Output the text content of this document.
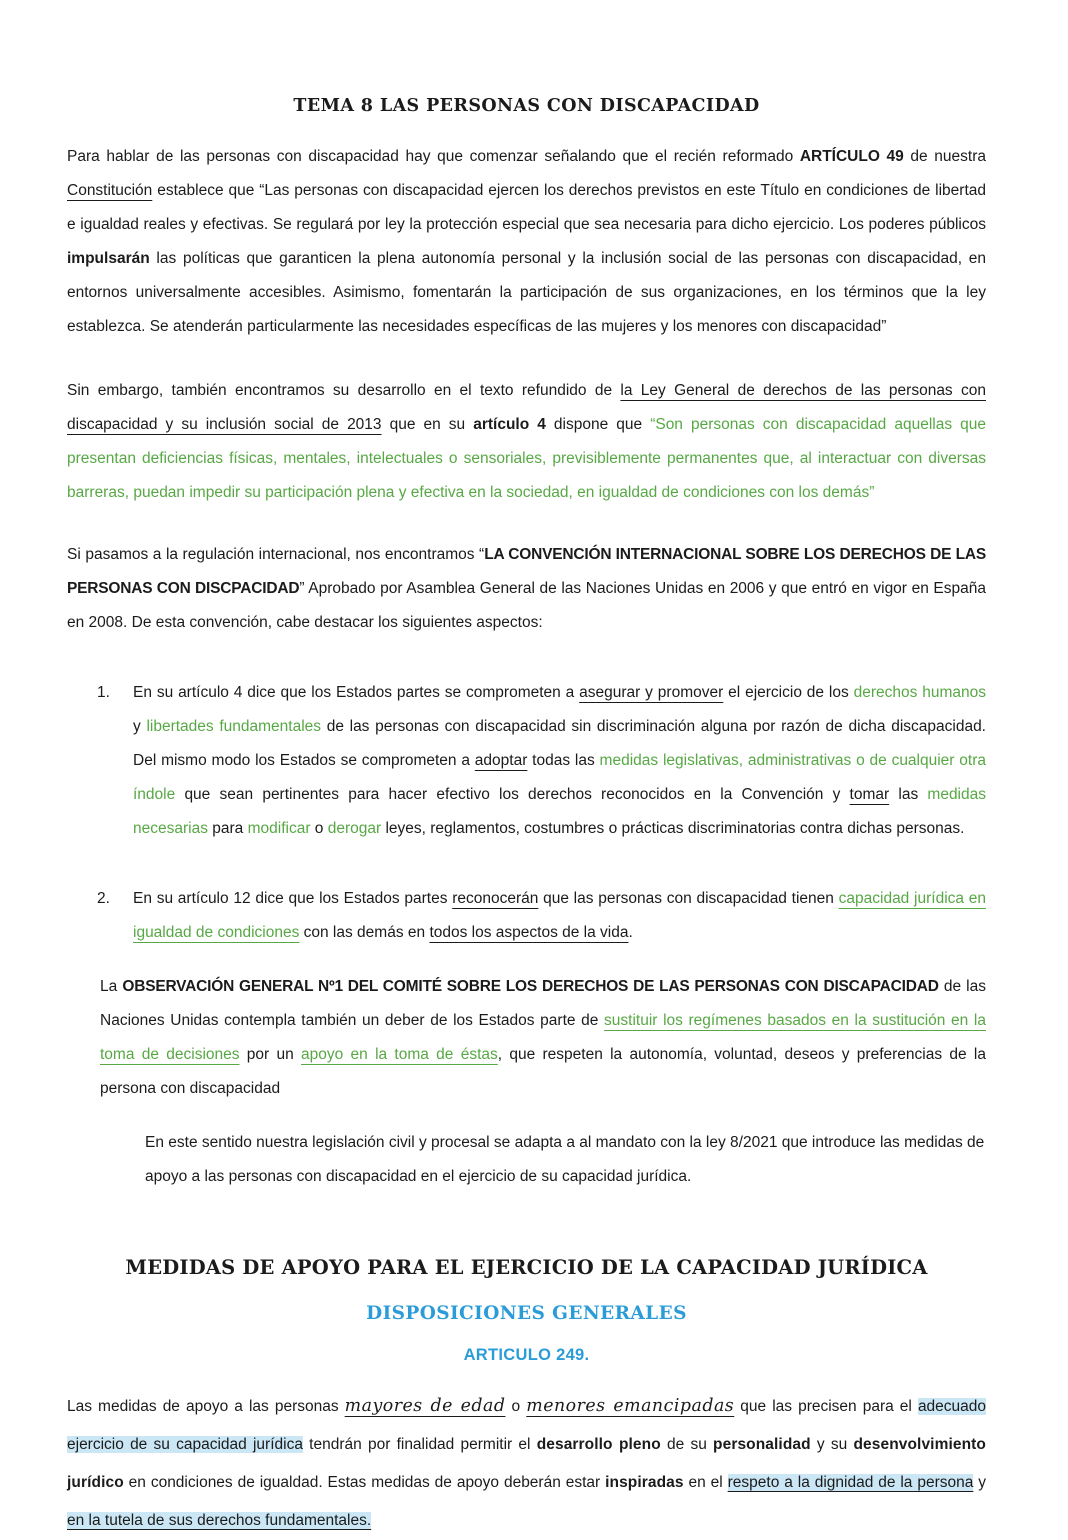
TEMA 8 LAS PERSONAS CON DISCAPACIDAD

Para hablar de las personas con discapacidad hay que comenzar señalando que el recién reformado ARTÍCULO 49 de nuestra Constitución establece que “Las personas con discapacidad ejercen los derechos previstos en este Título en condiciones de libertad e igualdad reales y efectivas. Se regulará por ley la protección especial que sea necesaria para dicho ejercicio. Los poderes públicos impulsarán las políticas que garanticen la plena autonomía personal y la inclusión social de las personas con discapacidad, en entornos universalmente accesibles. Asimismo, fomentarán la participación de sus organizaciones, en los términos que la ley establezca. Se atenderán particularmente las necesidades específicas de las mujeres y los menores con discapacidad”

Sin embargo, también encontramos su desarrollo en el texto refundido de la Ley General de derechos de las personas con discapacidad y su inclusión social de 2013 que en su artículo 4 dispone que “Son personas con discapacidad aquellas que presentan deficiencias físicas, mentales, intelectuales o sensoriales, previsiblemente permanentes que, al interactuar con diversas barreras, puedan impedir su participación plena y efectiva en la sociedad, en igualdad de condiciones con los demás”

Si pasamos a la regulación internacional, nos encontramos “LA CONVENCIÓN INTERNACIONAL SOBRE LOS DERECHOS DE LAS PERSONAS CON DISCPACIDAD” Aprobado por Asamblea General de las Naciones Unidas en 2006 y que entró en vigor en España en 2008. De esta convención, cabe destacar los siguientes aspectos:

1.	En su artículo 4 dice que los Estados partes se comprometen a asegurar y promover el ejercicio de los derechos humanos y libertades fundamentales de las personas con discapacidad sin discriminación alguna por razón de dicha discapacidad. Del mismo modo los Estados se comprometen a adoptar todas las medidas legislativas, administrativas o de cualquier otra índole que sean pertinentes para hacer efectivo los derechos reconocidos en la Convención y tomar las medidas necesarias para modificar o derogar leyes, reglamentos, costumbres o prácticas discriminatorias contra dichas personas.
2.	En su artículo 12 dice que los Estados partes reconocerán que las personas con discapacidad tienen capacidad jurídica en igualdad de condiciones con las demás en todos los aspectos de la vida.

La OBSERVACIÓN GENERAL Nº1 DEL COMITÉ SOBRE LOS DERECHOS DE LAS PERSONAS CON DISCAPACIDAD de las Naciones Unidas contempla también un deber de los Estados parte de sustituir los regímenes basados en la sustitución en la toma de decisiones por un apoyo en la toma de éstas, que respeten la autonomía, voluntad, deseos y preferencias de la persona con discapacidad

En este sentido nuestra legislación civil y procesal se adapta a al mandato con la ley 8/2021 que introduce las medidas de apoyo a las personas con discapacidad en el ejercicio de su capacidad jurídica.

MEDIDAS DE APOYO PARA EL EJERCICIO DE LA CAPACIDAD JURÍDICA
DISPOSICIONES GENERALES
ARTICULO 249.

Las medidas de apoyo a las personas mayores de edad o menores emancipadas que las precisen para el adecuado ejercicio de su capacidad jurídica tendrán por finalidad permitir el desarrollo pleno de su personalidad y su desenvolvimiento jurídico en condiciones de igualdad. Estas medidas de apoyo deberán estar inspiradas en el respeto a la dignidad de la persona y en la tutela de sus derechos fundamentales.
